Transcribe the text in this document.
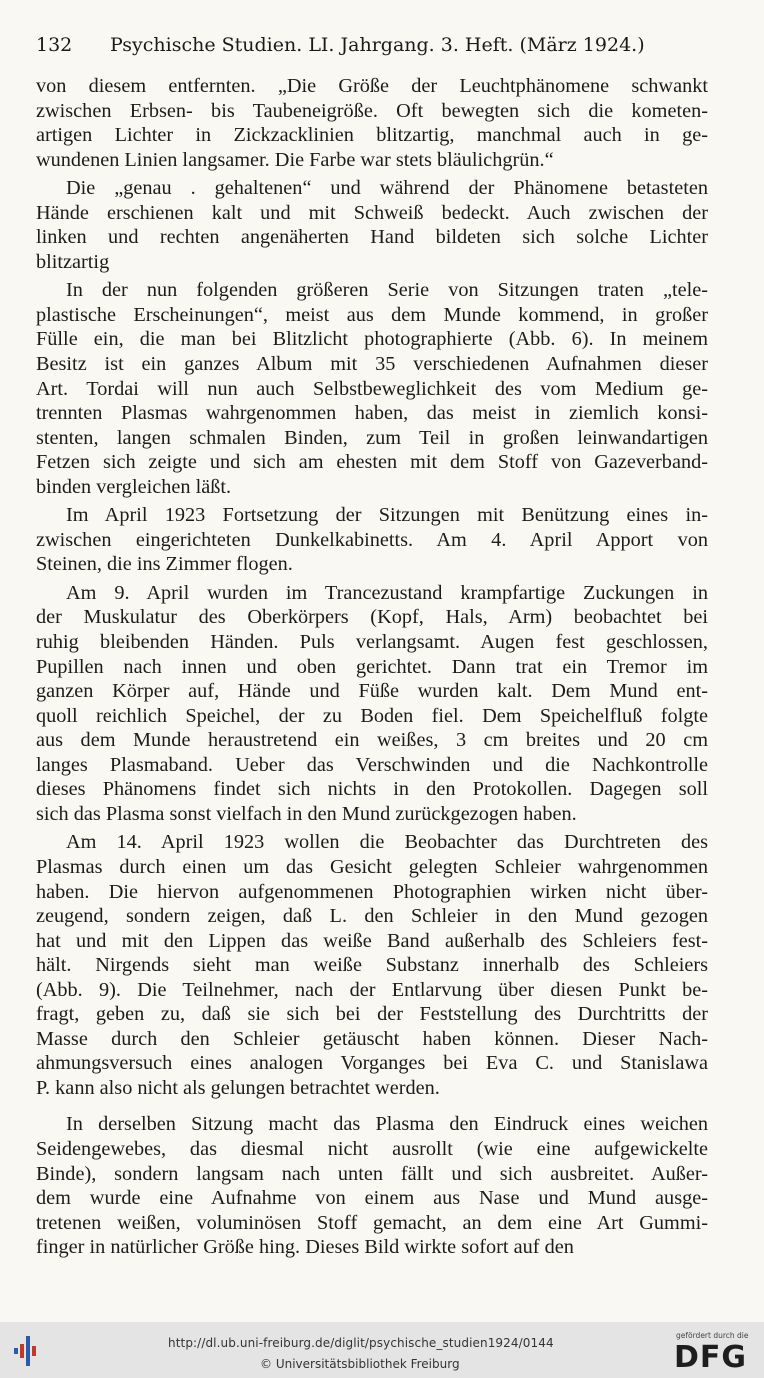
132 Psychische Studien. LI. Jahrgang. 3. Heft. (März 1924.)

von diesem entfernten. „Die Größe der Leuchtphänomene schwankt

zwischen Erbsen- bis Taubeneigröße. Oft bewegten sich die kometen-

artigen Lichter in Zickzacklinien blitzartig, manchmal auch in ge-

wundenen Linien langsamer. Die Farbe war stets bläulichgrün.“

Die „genau . gehaltenen“ und während der Phänomene betasteten

Hände erschienen kalt und mit Schweiß bedeckt. Auch zwischen der

linken und rechten angenäherten Hand bildeten sich solche Lichter

blitzartig

In der nun folgenden größeren Serie von Sitzungen traten „tele-

plastische Erscheinungen“, meist aus dem Munde kommend, in großer

Fülle ein, die man bei Blitzlicht photographierte (Abb. 6). In meinem

Besitz ist ein ganzes Album mit 35 verschiedenen Aufnahmen dieser

Art. Tordai will nun auch Selbstbeweglichkeit des vom Medium ge-

trennten Plasmas wahrgenommen haben, das meist in ziemlich konsi-

stenten, langen schmalen Binden, zum Teil in großen leinwandartigen

Fetzen sich zeigte und sich am ehesten mit dem Stoff von Gazeverband-

binden vergleichen läßt.

Im April 1923 Fortsetzung der Sitzungen mit Benützung eines in-

zwischen eingerichteten Dunkelkabinetts. Am 4. April Apport von

Steinen, die ins Zimmer flogen.

Am 9. April wurden im Trancezustand krampfartige Zuckungen in

der Muskulatur des Oberkörpers (Kopf, Hals, Arm) beobachtet bei

ruhig bleibenden Händen. Puls verlangsamt. Augen fest geschlossen,

Pupillen nach innen und oben gerichtet. Dann trat ein Tremor im

ganzen Körper auf, Hände und Füße wurden kalt. Dem Mund ent-

quoll reichlich Speichel, der zu Boden fiel. Dem Speichelfluß folgte

aus dem Munde heraustretend ein weißes, 3 cm breites und 20 cm

langes Plasmaband. Ueber das Verschwinden und die Nachkontrolle

dieses Phänomens findet sich nichts in den Protokollen. Dagegen soll

sich das Plasma sonst vielfach in den Mund zurückgezogen haben.

Am 14. April 1923 wollen die Beobachter das Durchtreten des

Plasmas durch einen um das Gesicht gelegten Schleier wahrgenommen

haben. Die hiervon aufgenommenen Photographien wirken nicht über-

zeugend, sondern zeigen, daß L. den Schleier in den Mund gezogen

hat und mit den Lippen das weiße Band außerhalb des Schleiers fest-

hält. Nirgends sieht man weiße Substanz innerhalb des Schleiers

(Abb. 9). Die Teilnehmer, nach der Entlarvung über diesen Punkt be-

fragt, geben zu, daß sie sich bei der Feststellung des Durchtritts der

Masse durch den Schleier getäuscht haben können. Dieser Nach-

ahmungsversuch eines analogen Vorganges bei Eva C. und Stanislawa

P. kann also nicht als gelungen betrachtet werden.

In derselben Sitzung macht das Plasma den Eindruck eines weichen

Seidengewebes, das diesmal nicht ausrollt (wie eine aufgewickelte

Binde), sondern langsam nach unten fällt und sich ausbreitet. Außer-

dem wurde eine Aufnahme von einem aus Nase und Mund ausge-

tretenen weißen, voluminösen Stoff gemacht, an dem eine Art Gummi-

finger in natürlicher Größe hing. Dieses Bild wirkte sofort auf den

http://dl.ub.uni-freiburg.de/diglit/psychische_studien1924/0144
© Universitätsbibliothek Freiburg
gefördert durch die
DFG
